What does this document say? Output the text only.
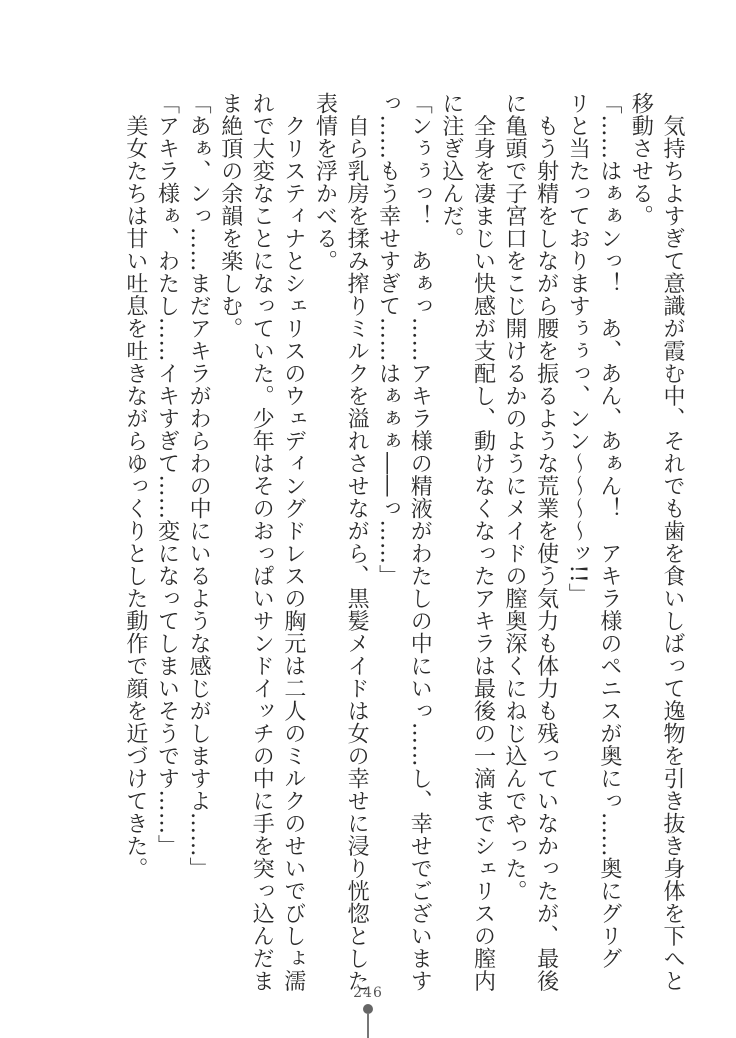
　気持ちよすぎて意識が霞む中、それでも歯を食いしばって逸物を引き抜き身体を下へと

移動させる。

「……はぁぁンっ！　あ、あん、あぁん！　アキラ様のペニスが奥にっ……奥にグリグ

リと当たっておりますぅぅっ、ンン〜〜〜〜ッ!!」

　もう射精をしながら腰を振るような荒業を使う気力も体力も残っていなかったが、最後

に亀頭で子宮口をこじ開けるかのようにメイドの膣奥深くにねじ込んでやった。

　全身を凄まじい快感が支配し、動けなくなったアキラは最後の一滴までシェリスの膣内

に注ぎ込んだ。

「ンぅぅっ！　あぁっ……アキラ様の精液がわたしの中にいっ……し、幸せでございます

っ……もう幸せすぎて……はぁぁぁ――っ……」

　自ら乳房を揉み搾りミルクを溢れさせながら、黒髪メイドは女の幸せに浸り恍惚とした

表情を浮かべる。

　クリスティナとシェリスのウェディングドレスの胸元は二人のミルクのせいでびしょ濡

れで大変なことになっていた。少年はそのおっぱいサンドイッチの中に手を突っ込んだま

ま絶頂の余韻を楽しむ。

「あぁ、ンっ……まだアキラがわらわの中にいるような感じがしますよ……」

「アキラ様ぁ、わたし……イキすぎて……変になってしまいそうです……」

　美女たちは甘い吐息を吐きながらゆっくりとした動作で顔を近づけてきた。

246
